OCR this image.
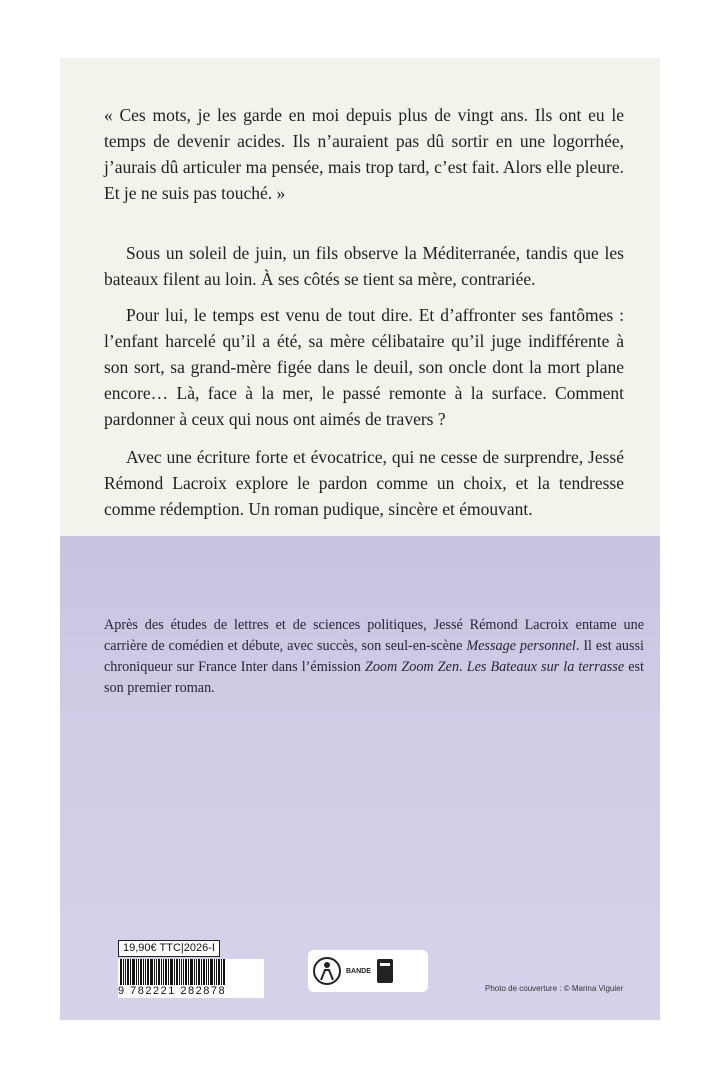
« Ces mots, je les garde en moi depuis plus de vingt ans. Ils ont eu le temps de devenir acides. Ils n’auraient pas dû sortir en une logorrhée, j’aurais dû articuler ma pensée, mais trop tard, c’est fait. Alors elle pleure. Et je ne suis pas touché. »

Sous un soleil de juin, un fils observe la Méditerranée, tandis que les bateaux filent au loin. À ses côtés se tient sa mère, contrariée.

Pour lui, le temps est venu de tout dire. Et d’affronter ses fantômes : l’enfant harcelé qu’il a été, sa mère célibataire qu’il juge indifférente à son sort, sa grand-mère figée dans le deuil, son oncle dont la mort plane encore… Là, face à la mer, le passé remonte à la surface. Comment pardonner à ceux qui nous ont aimés de travers ?

Avec une écriture forte et évocatrice, qui ne cesse de surprendre, Jessé Rémond Lacroix explore le pardon comme un choix, et la tendresse comme rédemption. Un roman pudique, sincère et émouvant.

Après des études de lettres et de sciences politiques, Jessé Rémond Lacroix entame une carrière de comédien et débute, avec succès, son seul-en-scène Message personnel. Il est aussi chroniqueur sur France Inter dans l’émission Zoom Zoom Zen. Les Bateaux sur la terrasse est son premier roman.

19,90€ TTC|2026-I
9 782221 282878
BANDE
Photo de couverture : © Marina Viguier
